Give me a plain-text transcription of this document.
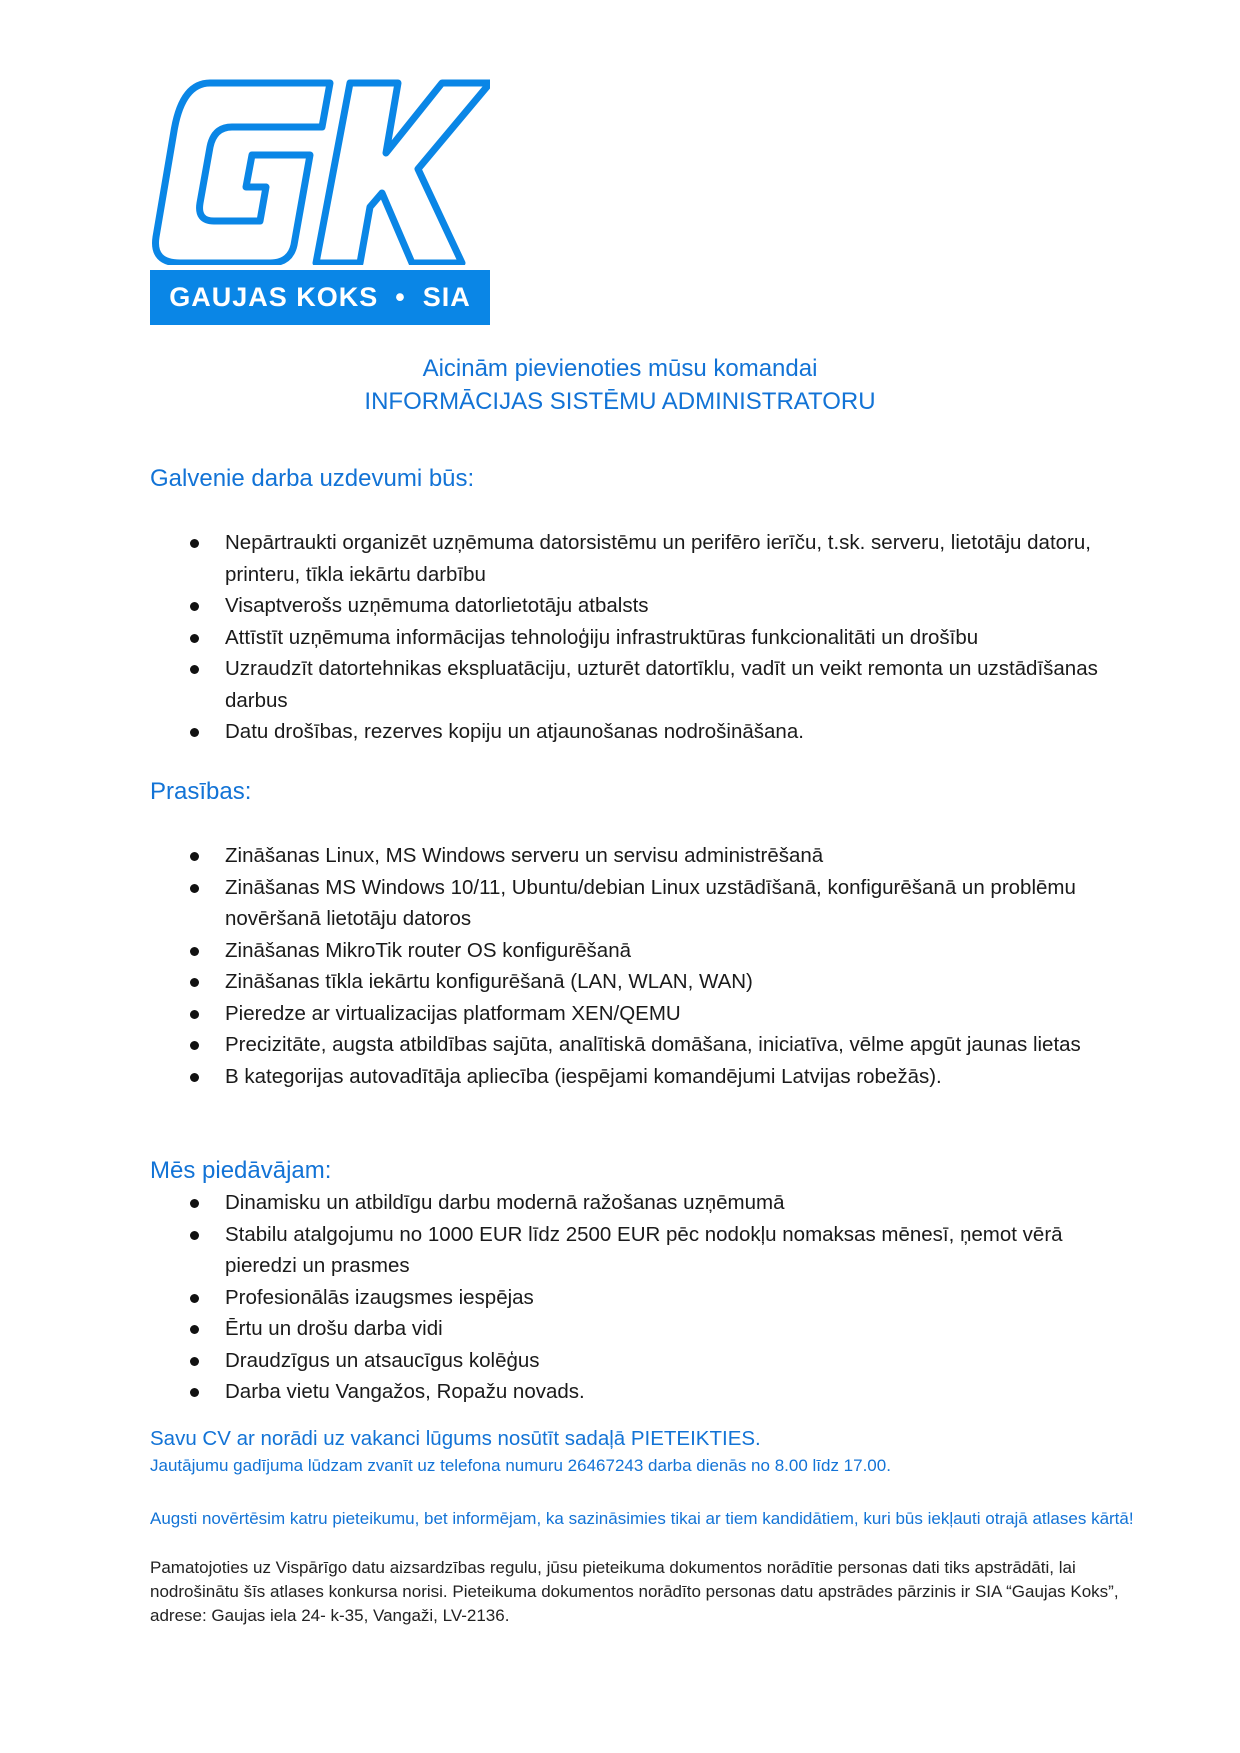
GAUJAS KOKS  •  SIA
Aicinām pievienoties mūsu komandai
INFORMĀCIJAS SISTĒMU ADMINISTRATORU
Galvenie darba uzdevumi būs:
Nepārtraukti organizēt uzņēmuma datorsistēmu un perifēro ierīču, t.sk. serveru, lietotāju datoru, printeru, tīkla iekārtu darbību
Visaptverošs uzņēmuma datorlietotāju atbalsts
Attīstīt uzņēmuma informācijas tehnoloģiju infrastruktūras funkcionalitāti un drošību
Uzraudzīt datortehnikas ekspluatāciju, uzturēt datortīklu, vadīt un veikt remonta un uzstādīšanas darbus
Datu drošības, rezerves kopiju un atjaunošanas nodrošināšana.
Prasības:
Zināšanas Linux, MS Windows serveru un servisu administrēšanā
Zināšanas MS Windows 10/11, Ubuntu/debian Linux uzstādīšanā, konfigurēšanā un problēmu novēršanā lietotāju datoros
Zināšanas MikroTik router OS konfigurēšanā
Zināšanas tīkla iekārtu konfigurēšanā (LAN, WLAN, WAN)
Pieredze ar virtualizacijas platformam XEN/QEMU
Precizitāte, augsta atbildības sajūta, analītiskā domāšana, iniciatīva, vēlme apgūt jaunas lietas
B kategorijas autovadītāja apliecība (iespējami komandējumi Latvijas robežās).
Mēs piedāvājam:
Dinamisku un atbildīgu darbu modernā ražošanas uzņēmumā
Stabilu atalgojumu no 1000 EUR līdz 2500 EUR pēc nodokļu nomaksas mēnesī, ņemot vērā pieredzi un prasmes
Profesionālās izaugsmes iespējas
Ērtu un drošu darba vidi
Draudzīgus un atsaucīgus kolēģus
Darba vietu Vangažos, Ropažu novads.
Savu CV ar norādi uz vakanci lūgums nosūtīt sadaļā PIETEIKTIES.
Jautājumu gadījuma lūdzam zvanīt uz telefona numuru 26467243 darba dienās no 8.00 līdz 17.00.
Augsti novērtēsim katru pieteikumu, bet informējam, ka sazināsimies tikai ar tiem kandidātiem, kuri būs iekļauti otrajā atlases kārtā!
Pamatojoties uz Vispārīgo datu aizsardzības regulu, jūsu pieteikuma dokumentos norādītie personas dati tiks apstrādāti, lai nodrošinātu šīs atlases konkursa norisi. Pieteikuma dokumentos norādīto personas datu apstrādes pārzinis ir SIA “Gaujas Koks”, adrese: Gaujas iela 24- k-35, Vangaži, LV-2136.
